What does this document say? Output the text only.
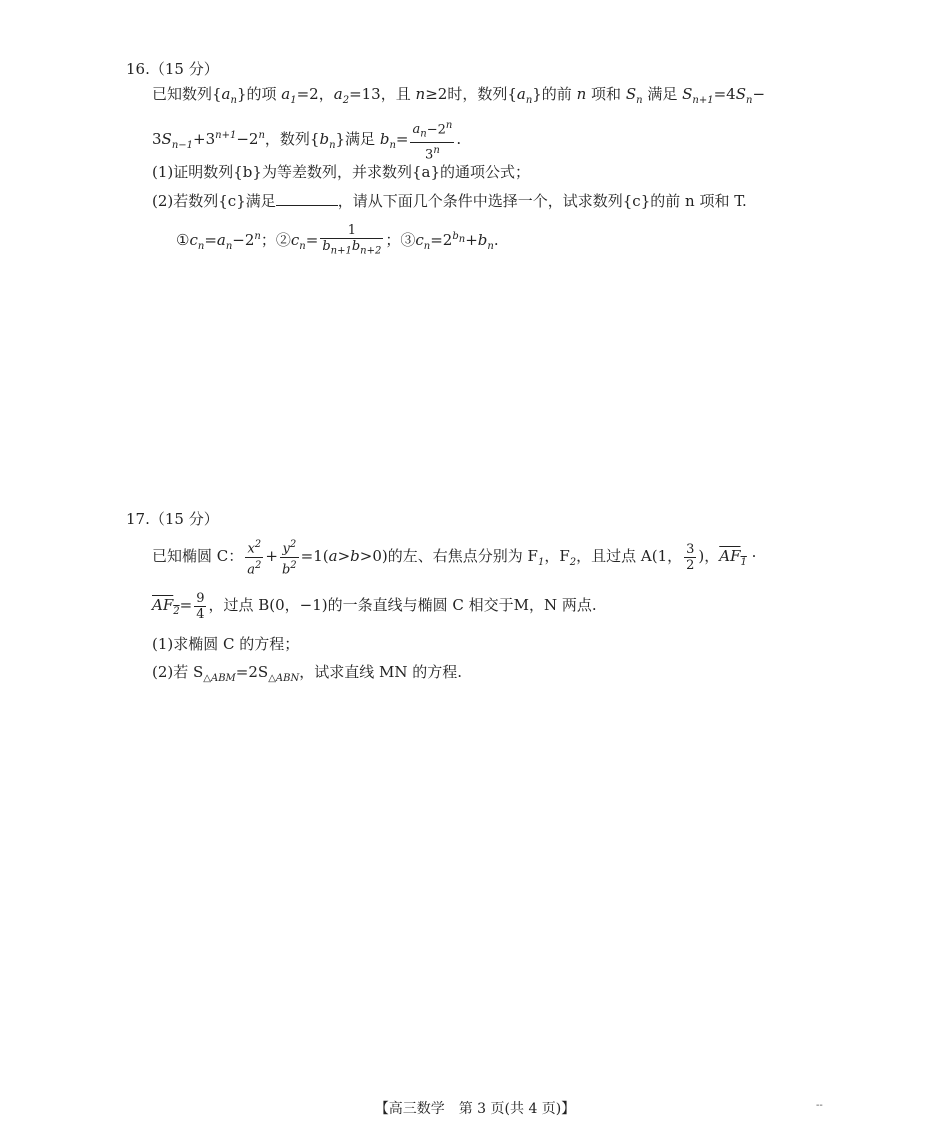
16.（15 分）
已知数列$\{a_n\}$的项 $a_1=2$，$a_2=13$，且 n≥2时，数列$\{a_n\}$的前 n 项和 $S_n$ 满足 $S_{n+1}=4S_n-$
$3S_{n-1}+3^{n+1}-2^n$，数列$\{b_n\}$满足 $b_n= \frac{a_n-2^n}{3^n}$ .
(1)证明数列{b}为等差数列，并求数列{a}的通项公式；
(2)若数列{c}满足	，请从下面几个条件中选择一个，试求数列{c}的前 n 项和 T.
$①c_n=a_n-2^n$；$②c_n= \frac{1}{b_{n+1}b_{n+2}}$ ；$③c_n=2^{b_n}+b_n$.
17.（15 分）
已知椭圆 C： $\frac{x^2}{a^2} + \frac{y^2}{b^2} =1(a>b>0)$的左、右焦点分别为 $F_1$，$F_2$，且过点 A(1， $\frac{3}{2}$ )，$AF_1$ ·
$AF_2= \frac{9}{4}$ ，过点 B(0，−1)的一条直线与椭圆 C 相交于M，N 两点.
(1)求椭圆 C 的方程；
(2)若 $S_{\triangle ABM}=2S_{\triangle ABN}$，试求直线 MN 的方程.
【高三数学　第 3 页(共 4 页)】	--
